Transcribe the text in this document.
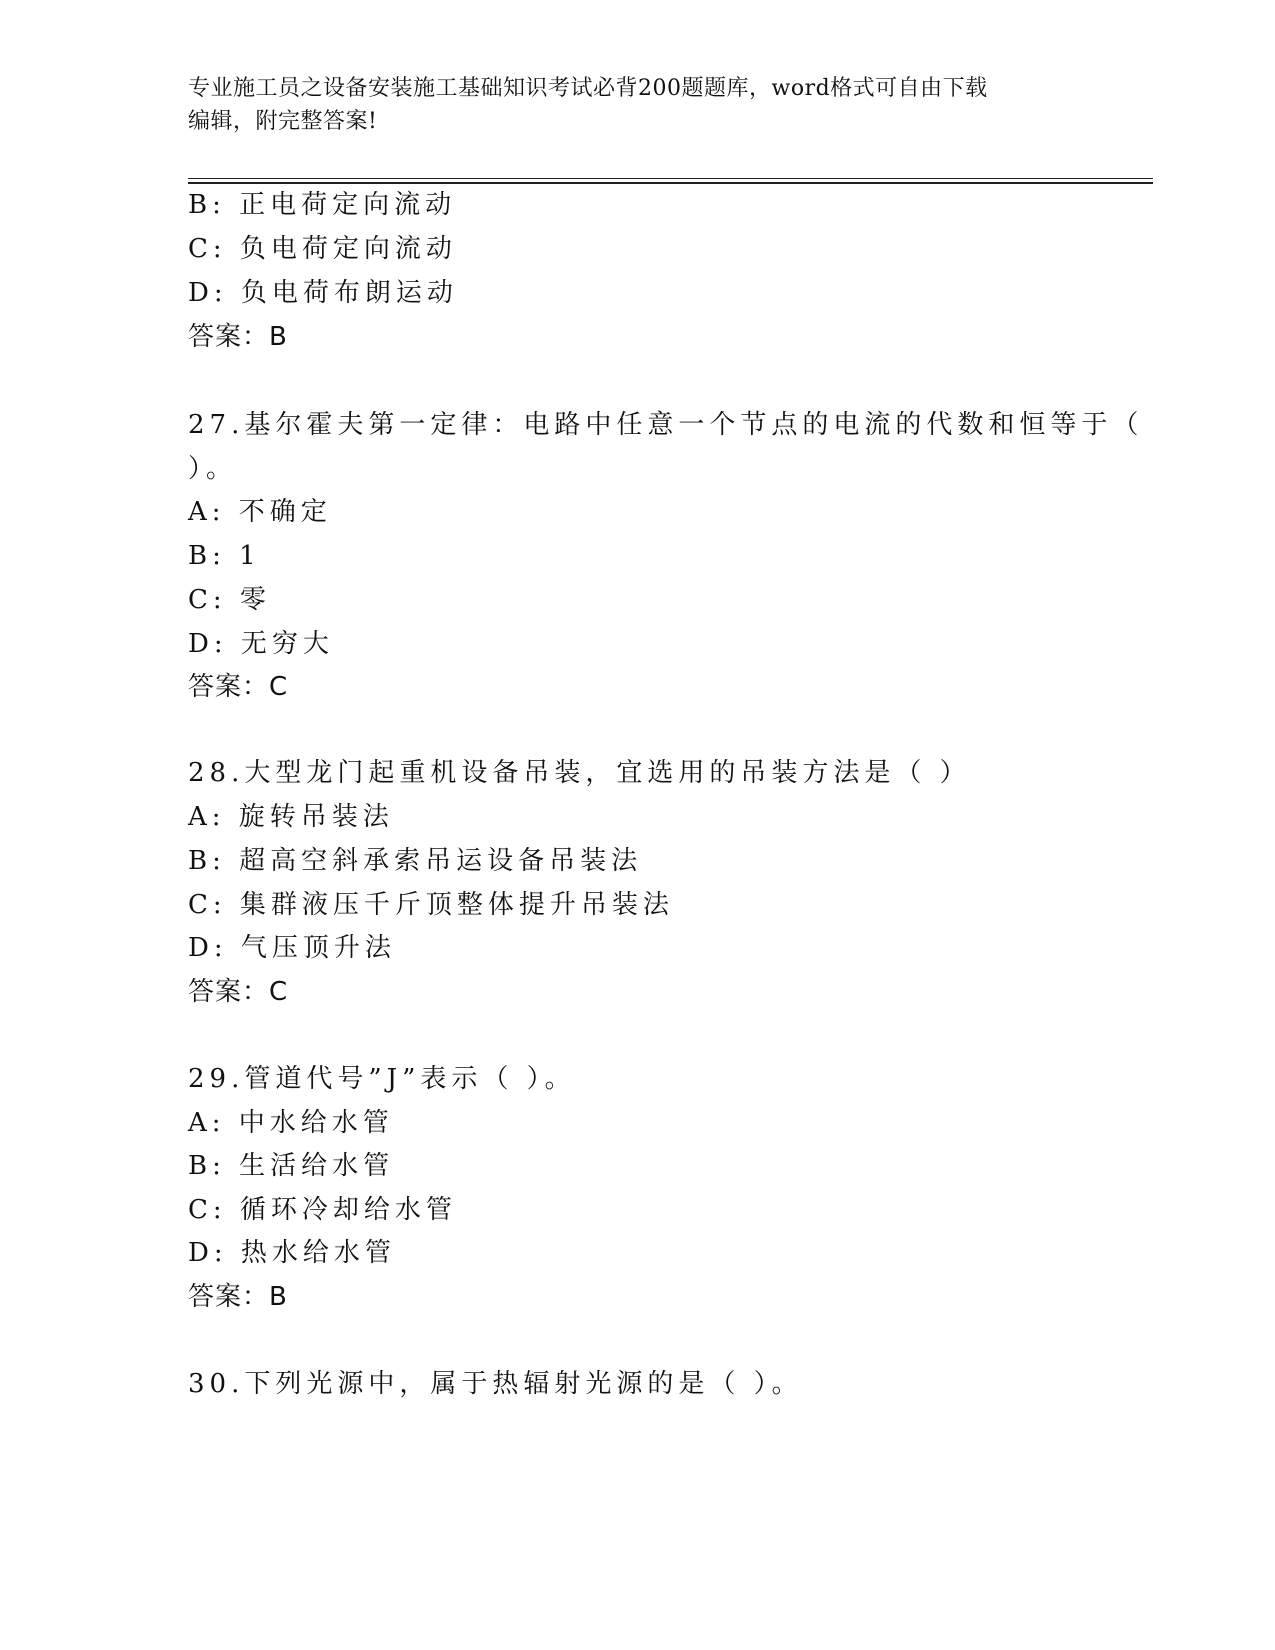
专业施工员之设备安装施工基础知识考试必背200题题库，word格式可自由下载
编辑，附完整答案!
B: 正电荷定向流动
C: 负电荷定向流动
D: 负电荷布朗运动
答案：B
27.基尔霍夫第一定律：电路中任意一个节点的电流的代数和恒等于（
）。
A: 不确定
B: 1
C: 零
D: 无穷大
答案：C
28.大型龙门起重机设备吊装，宜选用的吊装方法是（ ）
A: 旋转吊装法
B: 超高空斜承索吊运设备吊装法
C: 集群液压千斤顶整体提升吊装法
D: 气压顶升法
答案：C
29.管道代号”J”表示（ ）。
A: 中水给水管
B: 生活给水管
C: 循环冷却给水管
D: 热水给水管
答案：B
30.下列光源中，属于热辐射光源的是（ ）。
